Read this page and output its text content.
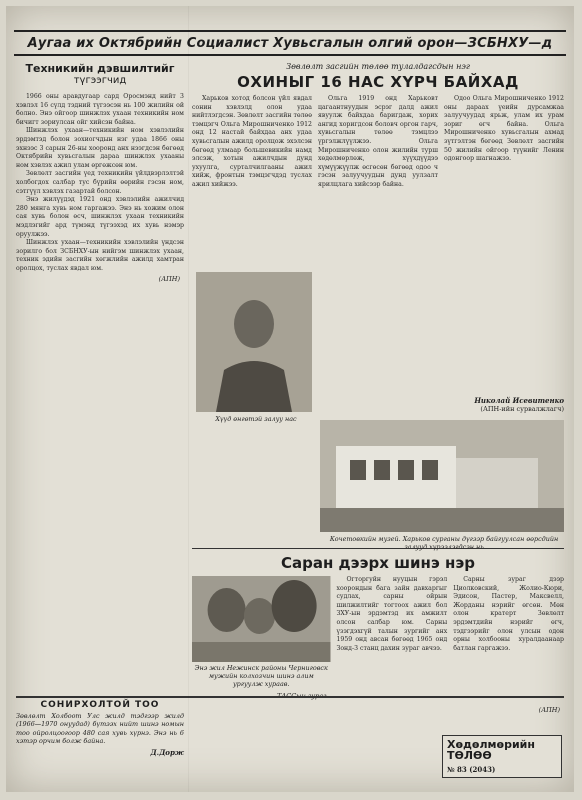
Аугаа их Октябрийн Социалист Хувьсгалын олгий орон—ЗСБНХУ—д
Техникийн дэвшилтийг
түгээгчид
1966 оны аравдугаар сард Оросмэнд нийт 3 хэвлэл 16 сүлд тэдний түгээсэн нь 100 жилийн ой болно. Энэ ойгоор шинжлэх ухаан техникийн ном бичигт зориулсан ойг хийсэн байна.
Шинжлэх ухаан—техникийн ном хэвлэлийн эрдэмтэд болон зохиогчдын нэг удаа 1866 оны эхнээс 3 сарын 26-ны хооронд анх нээгдсэн бөгөөд Октябрийн хувьсгалын дараа шинжлэх ухааны ном хэвлэх ажил улам өргөжсөн юм.
Зөвлөлт засгийн үед техникийн үйлдвэрлэлтэй холбогдох салбар тус бүрийн өөрийн гэсэн ном, сэтгүүл хэвлэх газартай болсон.
Энэ жилүүдэд 1921 онд хэвлэлийн ажилчид 280 мянга хувь ном гаргажээ. Энэ нь хожим олон сая хувь болон өсч, шинжлэх ухаан техникийн мэдлэгийг ард түмэнд түгээхэд их хувь нэмэр оруулжээ.
Шинжлэх ухаан—техникийн хэвлэлийн үндсэн зорилго бол ЗСБНХУ-ын нийгэм шинжлэх ухаан, техник эдийн засгийн хөгжлийн ажилд хамтран оролцох, туслах явдал юм.
(АПН)
Зөвлөлт засгийн төлөө тулалдагсдын нэг
ОХИНЫГ 16 НАС ХҮРЧ БАЙХАД
Харьков хотод болсон үйл явдал сонин хэвлэлд олон удаа нийтлэгдсэн. Зөвлөлт засгийн төлөө тэмцэгч Ольга Мирошниченко 1912 онд 12 настай байхдаа анх удаа хувьсгалын ажилд оролцож эхэлсэн бөгөөд улмаар большевикийн намд элсэж, хотын ажилчдын дунд ухуулга, сурталчилгааны ажил хийж, фронтын тэмцэгчдэд туслах ажил хийжээ.
Ольга 1919 онд Харьковт цагаантнуудын эсрэг далд ажил явуулж байхдаа баригдаж, хорих ангид хоригдсон боловч оргон гарч, хувьсгалын төлөө тэмцлээ үргэлжлүүлжээ. Ольга Мирошниченко олон жилийн турш хөдөлмөрлөж, хүүхдүүдээ хүмүүжүүлж өсгөсөн бөгөөд одоо ч гэсэн залуучуудын дунд уулзалт ярилцлага хийсээр байна.
Одоо Ольга Мирошниченко 1912 оны дараах үеийн дурсамжаа залуучуудад ярьж, улам их урам зориг өгч байна. Ольга Мирошниченко хувьсгалын ахмад зүтгэлтэн бөгөөд Зөвлөлт засгийн 50 жилийн ойгоор түүнийг Ленин одонгоор шагнажээ.
Хүүд өнгөтэй залуу нас
Кочетовкийн музей. Харьков сурганы дүгээр байгуулсан өөрсдийн залууд хүрээлэгдсэн нь
Николай Исевитенко
(АПН-ийн сурвалжлагч)
Саран дээрх шинэ нэр
Энэ жил Нежинск районы Черниговск мужийн колхозчин шинэ алим ургуулж хураав.
ТАССын зураг
Огторгуйн нууцын гэрэл хоорондын бага зайн давхаргыг судлах, сарны ойрын шилжилтийг тогтоох ажил бол ЗХУ-ын эрдэмтэд их амжилт олсон салбар юм. Сарны үзэгдэхгүй талын зургийг анх 1959 онд авсан бөгөөд 1965 онд Зонд-3 станц дахин зураг авчээ.
Сарны зураг дээр Циолковский, Жолио-Кюри, Эдисон, Пастер, Максвелл, Жорданы нэрийг өгсөн. Мөн олон кратерт Зөвлөлт эрдэмтдийн нэрийг өгч, тэдгээрийг олон улсын одон орны холбооны хуралдаанаар батлан гаргажээ.
(АПН)
СОНИРХОЛТОЙ ТОО
Зөвлөлт Холбоот Улс жилд тэдгээр жилд (1966—1970 онуудад) бүтээх нийт шинэ номын тоо ойролцоогоор 480 сая хувь хүрнэ. Энэ нь 6 хэтэр орчим болж байна.
Д.Дорж
Хөдөлмөрийн
ТӨЛӨӨ
№ 83 (2043)
